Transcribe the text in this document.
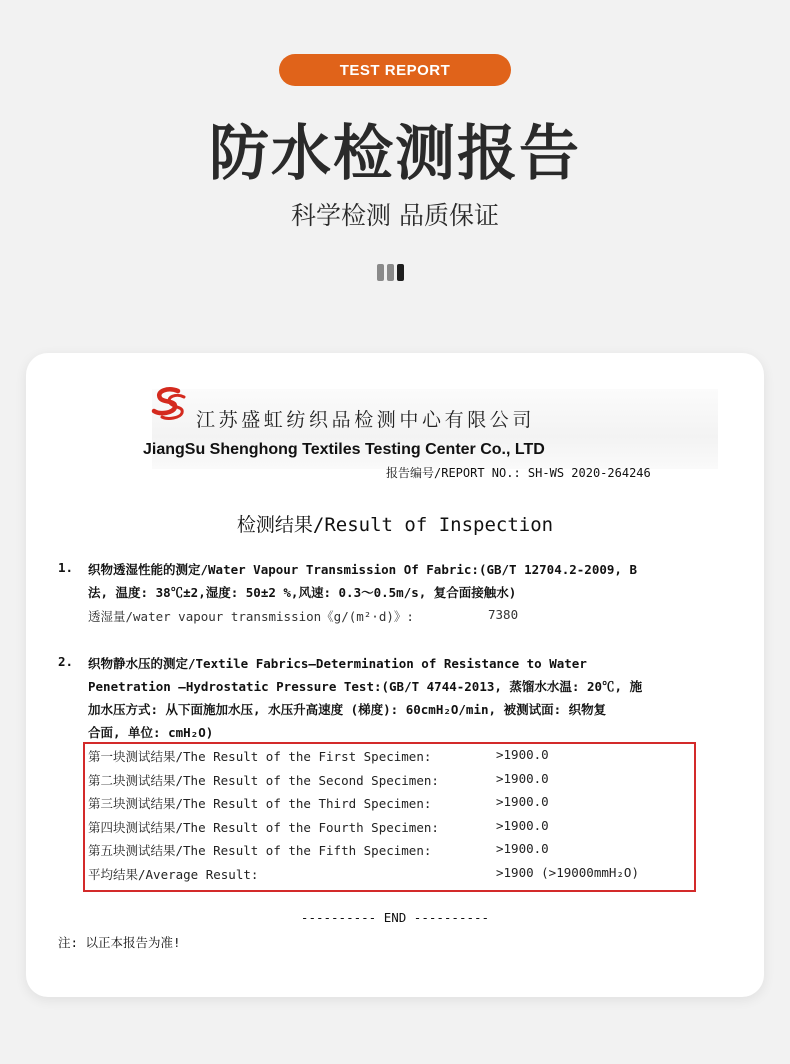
TEST REPORT
防水检测报告
科学检测 品质保证
江苏盛虹纺织品检测中心有限公司
JiangSu Shenghong Textiles Testing Center Co., LTD
报告编号/REPORT NO.: SH-WS 2020-264246
检测结果/Result of Inspection
1. 织物透湿性能的测定/Water Vapour Transmission Of Fabric:(GB/T 12704.2-2009, B
法, 温度: 38℃±2,湿度: 50±2 %,风速: 0.3～0.5m/s, 复合面接触水)
透湿量/water vapour transmission《g/(m²·d)》:	7380
2. 织物静水压的测定/Textile Fabrics—Determination of Resistance to Water
Penetration —Hydrostatic Pressure Test:(GB/T 4744-2013, 蒸馏水水温: 20℃, 施
加水压方式: 从下面施加水压, 水压升高速度 (梯度): 60cmH₂O/min, 被测试面: 织物复
合面, 单位: cmH₂O)
第一块测试结果/The Result of the First Specimen:	>1900.0
第二块测试结果/The Result of the Second Specimen:	>1900.0
第三块测试结果/The Result of the Third Specimen:	>1900.0
第四块测试结果/The Result of the Fourth Specimen:	>1900.0
第五块测试结果/The Result of the Fifth Specimen:	>1900.0
平均结果/Average Result:	>1900 (>19000mmH₂O)
---------- END ----------
注: 以正本报告为准!
